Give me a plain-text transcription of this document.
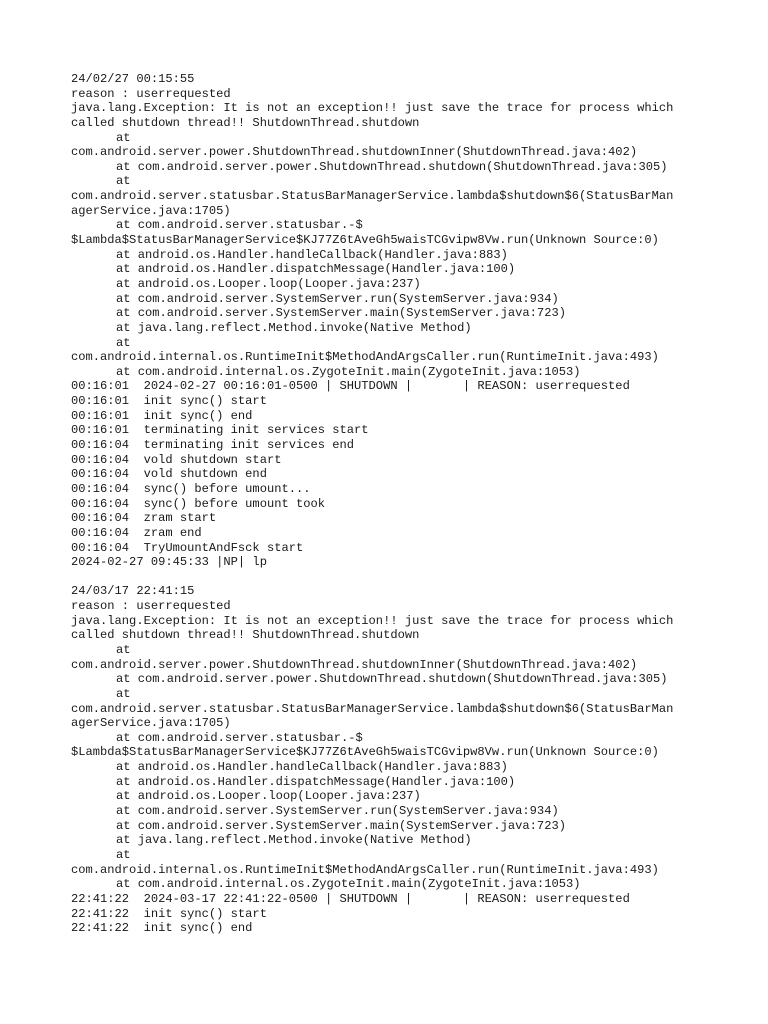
24/02/27 00:15:55
reason : userrequested
java.lang.Exception: It is not an exception!! just save the trace for process which
called shutdown thread!! ShutdownThread.shutdown
at
com.android.server.power.ShutdownThread.shutdownInner(ShutdownThread.java:402)
at com.android.server.power.ShutdownThread.shutdown(ShutdownThread.java:305)
at
com.android.server.statusbar.StatusBarManagerService.lambda$shutdown$6(StatusBarMan
agerService.java:1705)
at com.android.server.statusbar.-$
$Lambda$StatusBarManagerService$KJ77Z6tAveGh5waisTCGvipw8Vw.run(Unknown Source:0)
at android.os.Handler.handleCallback(Handler.java:883)
at android.os.Handler.dispatchMessage(Handler.java:100)
at android.os.Looper.loop(Looper.java:237)
at com.android.server.SystemServer.run(SystemServer.java:934)
at com.android.server.SystemServer.main(SystemServer.java:723)
at java.lang.reflect.Method.invoke(Native Method)
at
com.android.internal.os.RuntimeInit$MethodAndArgsCaller.run(RuntimeInit.java:493)
at com.android.internal.os.ZygoteInit.main(ZygoteInit.java:1053)
00:16:01  2024-02-27 00:16:01-0500 | SHUTDOWN |       | REASON: userrequested
00:16:01  init sync() start
00:16:01  init sync() end
00:16:01  terminating init services start
00:16:04  terminating init services end
00:16:04  vold shutdown start
00:16:04  vold shutdown end
00:16:04  sync() before umount...
00:16:04  sync() before umount took
00:16:04  zram start
00:16:04  zram end
00:16:04  TryUmountAndFsck start
2024-02-27 09:45:33 |NP| lp
24/03/17 22:41:15
reason : userrequested
java.lang.Exception: It is not an exception!! just save the trace for process which
called shutdown thread!! ShutdownThread.shutdown
at
com.android.server.power.ShutdownThread.shutdownInner(ShutdownThread.java:402)
at com.android.server.power.ShutdownThread.shutdown(ShutdownThread.java:305)
at
com.android.server.statusbar.StatusBarManagerService.lambda$shutdown$6(StatusBarMan
agerService.java:1705)
at com.android.server.statusbar.-$
$Lambda$StatusBarManagerService$KJ77Z6tAveGh5waisTCGvipw8Vw.run(Unknown Source:0)
at android.os.Handler.handleCallback(Handler.java:883)
at android.os.Handler.dispatchMessage(Handler.java:100)
at android.os.Looper.loop(Looper.java:237)
at com.android.server.SystemServer.run(SystemServer.java:934)
at com.android.server.SystemServer.main(SystemServer.java:723)
at java.lang.reflect.Method.invoke(Native Method)
at
com.android.internal.os.RuntimeInit$MethodAndArgsCaller.run(RuntimeInit.java:493)
at com.android.internal.os.ZygoteInit.main(ZygoteInit.java:1053)
22:41:22  2024-03-17 22:41:22-0500 | SHUTDOWN |       | REASON: userrequested
22:41:22  init sync() start
22:41:22  init sync() end
